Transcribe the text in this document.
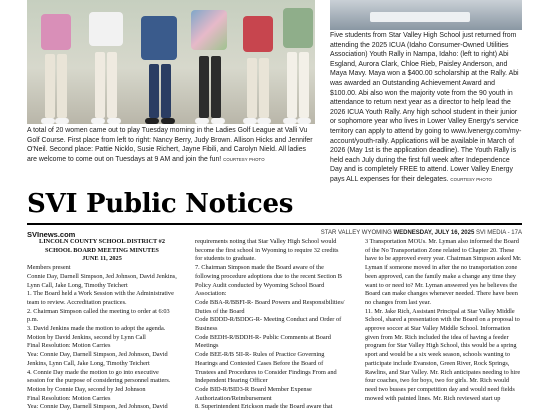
A total of 20 women came out to play Tuesday morning in the Ladies Golf League at Valli Vu Golf Course. First place from left to right: Nancy Berry, Judy Brown. Allison Hicks and Jennifer O'Neil. Second place: Pattie Nicklo, Susie Richert, Jayne Fibili, and Carolyn Nield. All ladies are welcome to come out on Tuesdays at 9 AM and join the fun! COURTESY PHOTO
Five students from Star Valley High School just returned from attending the 2025 ICUA (Idaho Consumer-Owned Utilities Association) Youth Rally in Nampa, Idaho: (left to right) Abi Esgland, Aurora Clark, Chloe Rieb, Paisley Anderson, and Maya Mavy. Maya won a $400.00 scholarship at the Rally. Abi was awarded an Outstanding Achievement Award and $100.00. Abi also won the majority vote from the 90 youth in attendance to return next year as a director to help lead the 2026 ICUA Youth Rally. Any high school student in their junior or sophomore year who lives in Lower Valley Energy's service territory can apply to attend by going to www.lvenergy.com/my-account/youth-rally. Applications will be available in March of 2026 (May 1st is the application deadline). The Youth Rally is held each July during the first full week after Independence Day and is completely FREE to attend. Lower Valley Energy pays ALL expenses for their delegates. COURTESY PHOTO
SVI Public Notices
SVInews.com	STAR VALLEY WYOMING WEDNESDAY, JULY 16, 2025 SVI MEDIA - 17A

LINCOLN COUNTY SCHOOL DISTRICT #2

SCHOOL BOARD MEETING MINUTES

JUNE 11, 2025

Members present

Connie Day, Darnell Simpson, Jed Johnson, David Jenkins, Lynn Call, Jake Long, Timothy Teichert

1. The Board held a Work Session with the Administrative team to review. Accreditation practices.

2. Chairman Simpson called the meeting to order at 6:03 p.m.

3. David Jenkins made the motion to adopt the agenda.

Motion by David Jenkins, second by Lynn Call

Final Resolution: Motion Carries

Yea: Connie Day, Darnell Simpson, Jed Johnson, David Jenkins, Lynn Call, Jake Long, Timothy Teichert

4. Connie Day made the motion to go into executive session for the purpose of considering personnel matters.

Motion by Connie Day, second by Jed Johnson

Final Resolution: Motion Carries

Yea: Connie Day, Darnell Simpson, Jed Johnson, David

requirements noting that Star Valley High School would become the first school in Wyoming to require 32 credits for students to graduate.

7. Chairman Simpson made the Board aware of the following procedure adoptions due to the recent Section B Policy Audit conducted by Wyoming School Board Association:

Code BBA-R/BBFI-R- Board Powers and Responsibilities/ Duties of the Board

Code BDDD-R/BDDG-R- Meeting Conduct and Order of Business

Code BEDH-R/BDDH-R- Public Comments at Board Meetings

Code BEE-R/B 5II-R- Rules of Practice Governing Hearings and Contested Cases Before the Board of Trustees and Procedures to Consider Findings From and Independent Hearing Officer

Code BID-R/BID3-R Board Member Expense Authorization/Reimbursement

8. Superintendent Erickson made the Board aware that

3 Transportation MOUs. Mr. Lyman also informed the Board of the No Transportation Zone related to Chapter 20. These have to be approved every year. Chairman Simpson asked Mr. Lyman if someone moved in after the no transportation zone been approved, can the family make a change any time they want to or need to? Mr. Lyman answered yes he believes the Board can make changes whenever needed. There have been no changes from last year.

11. Mr. Jake Rich, Assistant Principal at Star Valley Middle School, shared a presentation with the Board on a proposal to approve soccer at Star Valley Middle School. Information given from Mr. Rich included the idea of having a feeder program for Star Valley High School, this would be a spring sport and would be a six week season, schools wanting to participate include Evanston, Green River, Rock Springs, Rawlins, and Star Valley. Mr. Rich anticipates needing to hire four coaches, two for boys, two for girls. Mr. Rich would need two busses per competition day and would need fields mowed with painted lines. Mr. Rich reviewed start up
